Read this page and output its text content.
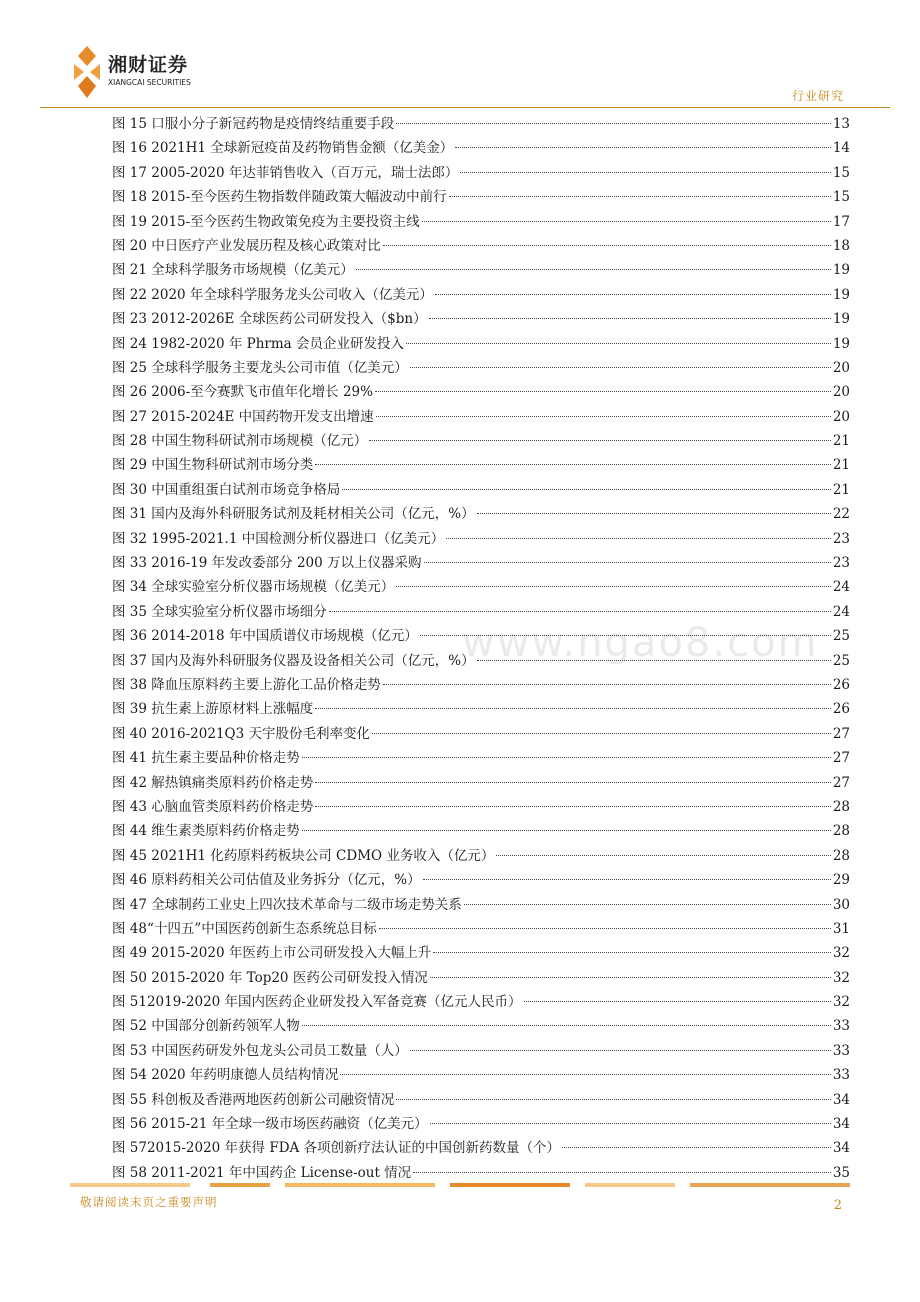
湘财证券
XIANGCAI SECURITIES
行业研究
www.ngao8.com
图 15 口服小分子新冠药物是疫情终结重要手段	13
图 16 2021H1 全球新冠疫苗及药物销售金额（亿美金）	14
图 17 2005-2020 年达菲销售收入（百万元，瑞士法郎）	15
图 18 2015-至今医药生物指数伴随政策大幅波动中前行	15
图 19 2015-至今医药生物政策免疫为主要投资主线	17
图 20 中日医疗产业发展历程及核心政策对比	18
图 21 全球科学服务市场规模（亿美元）	19
图 22 2020 年全球科学服务龙头公司收入（亿美元）	19
图 23 2012-2026E 全球医药公司研发投入（$bn）	19
图 24 1982-2020 年 Phrma 会员企业研发投入	19
图 25 全球科学服务主要龙头公司市值（亿美元）	20
图 26 2006-至今赛默飞市值年化增长 29%	20
图 27 2015-2024E 中国药物开发支出增速	20
图 28 中国生物科研试剂市场规模（亿元）	21
图 29 中国生物科研试剂市场分类	21
图 30 中国重组蛋白试剂市场竞争格局	21
图 31 国内及海外科研服务试剂及耗材相关公司（亿元，%）	22
图 32 1995-2021.1 中国检测分析仪器进口（亿美元）	23
图 33 2016-19 年发改委部分 200 万以上仪器采购	23
图 34 全球实验室分析仪器市场规模（亿美元）	24
图 35 全球实验室分析仪器市场细分	24
图 36 2014-2018 年中国质谱仪市场规模（亿元）	25
图 37 国内及海外科研服务仪器及设备相关公司（亿元，%）	25
图 38 降血压原料药主要上游化工品价格走势	26
图 39 抗生素上游原材料上涨幅度	26
图 40 2016-2021Q3 天宇股份毛利率变化	27
图 41 抗生素主要品种价格走势	27
图 42 解热镇痛类原料药价格走势	27
图 43 心脑血管类原料药价格走势	28
图 44 维生素类原料药价格走势	28
图 45 2021H1 化药原料药板块公司 CDMO 业务收入（亿元）	28
图 46 原料药相关公司估值及业务拆分（亿元，%）	29
图 47 全球制药工业史上四次技术革命与二级市场走势关系	30
图 48“十四五”中国医药创新生态系统总目标	31
图 49 2015-2020 年医药上市公司研发投入大幅上升	32
图 50 2015-2020 年 Top20 医药公司研发投入情况	32
图 512019-2020 年国内医药企业研发投入军备竞赛（亿元人民币）	32
图 52 中国部分创新药领军人物	33
图 53 中国医药研发外包龙头公司员工数量（人）	33
图 54 2020 年药明康德人员结构情况	33
图 55 科创板及香港两地医药创新公司融资情况	34
图 56 2015-21 年全球一级市场医药融资（亿美元）	34
图 572015-2020 年获得 FDA 各项创新疗法认证的中国创新药数量（个）	34
图 58 2011-2021 年中国药企 License-out 情况	35
敬请阅读末页之重要声明	2
